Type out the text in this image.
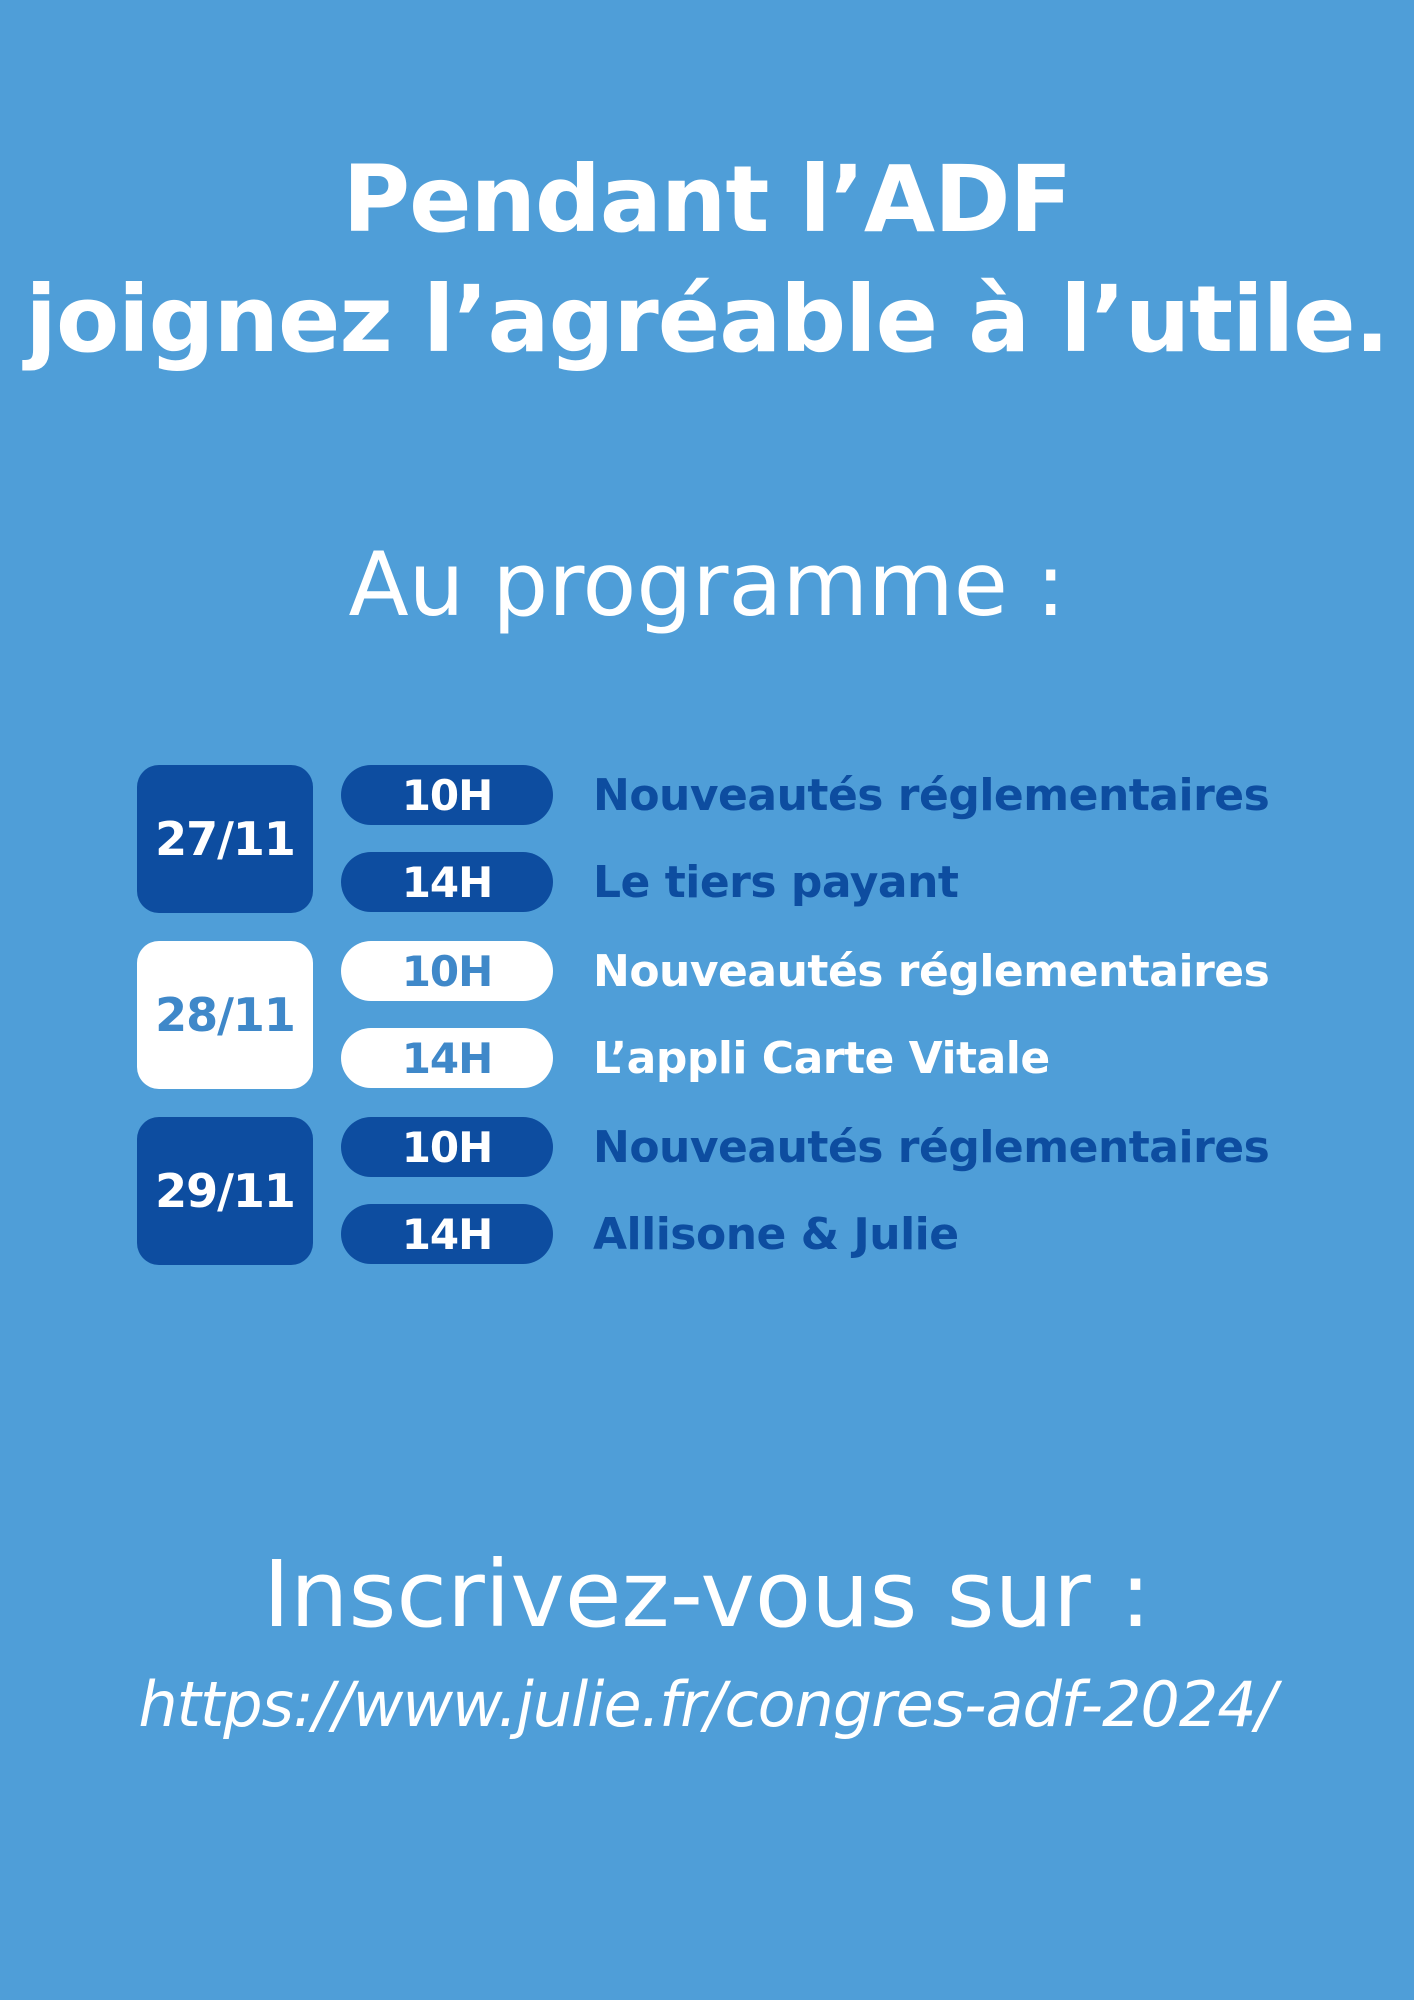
Pendant l’ADF
joignez l’agréable à l’utile.
Au programme :
27/11
10H	Nouveautés réglementaires
14H	Le tiers payant
28/11
10H	Nouveautés réglementaires
14H	L’appli Carte Vitale
29/11
10H	Nouveautés réglementaires
14H	Allisone & Julie
Inscrivez-vous sur :
https://www.julie.fr/congres-adf-2024/
